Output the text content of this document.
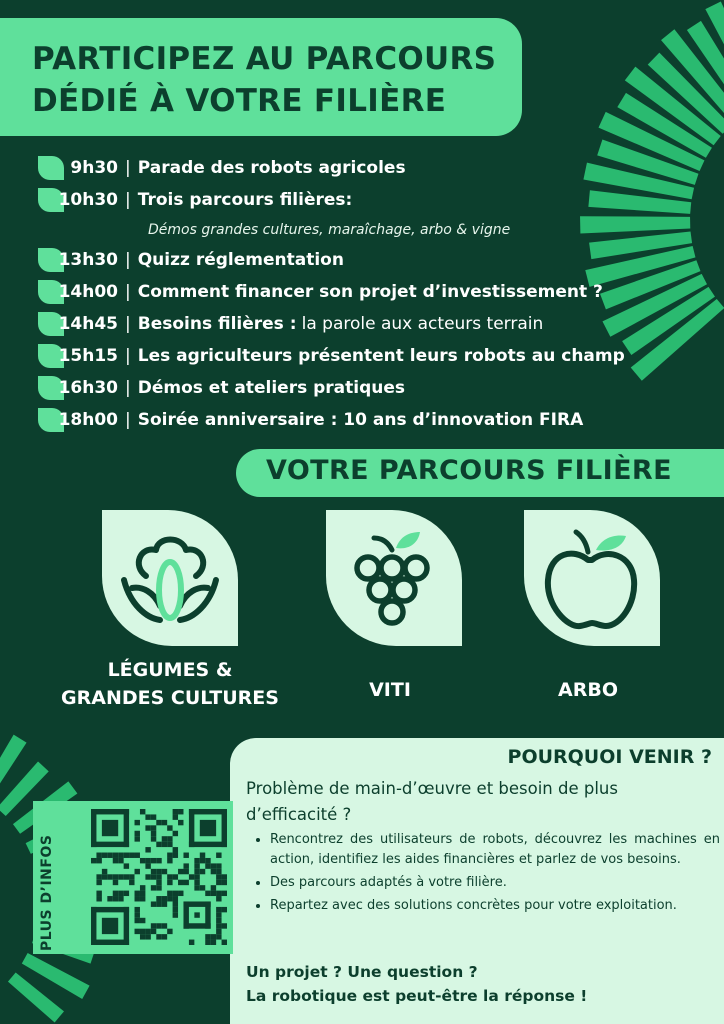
PARTICIPEZ AU PARCOURS
DÉDIÉ À VOTRE FILIÈRE
9h30 | Parade des robots agricoles
10h30 | Trois parcours filières:
Démos grandes cultures, maraîchage, arbo & vigne
13h30 | Quizz réglementation
14h00 | Comment financer son projet d’investissement ?
14h45 | Besoins filières :
la parole aux acteurs terrain
15h15 | Les agriculteurs présentent leurs robots au champ
16h30 | Démos et ateliers pratiques
18h00 | Soirée anniversaire : 10 ans d’innovation FIRA
VOTRE PARCOURS FILIÈRE
LÉGUMES &
GRANDES CULTURES	VITI	ARBO
POURQUOI VENIR ?
Problème de main-d’œuvre et besoin de plus d’efficacité ?
• Rencontrez des utilisateurs de robots, découvrez les machines en action, identifiez les aides financières et parlez de vos besoins.
• Des parcours adaptés à votre filière.
• Repartez avec des solutions concrètes pour votre exploitation.
Un projet ? Une question ?
La robotique est peut-être la réponse !
PLUS D’INFOS
